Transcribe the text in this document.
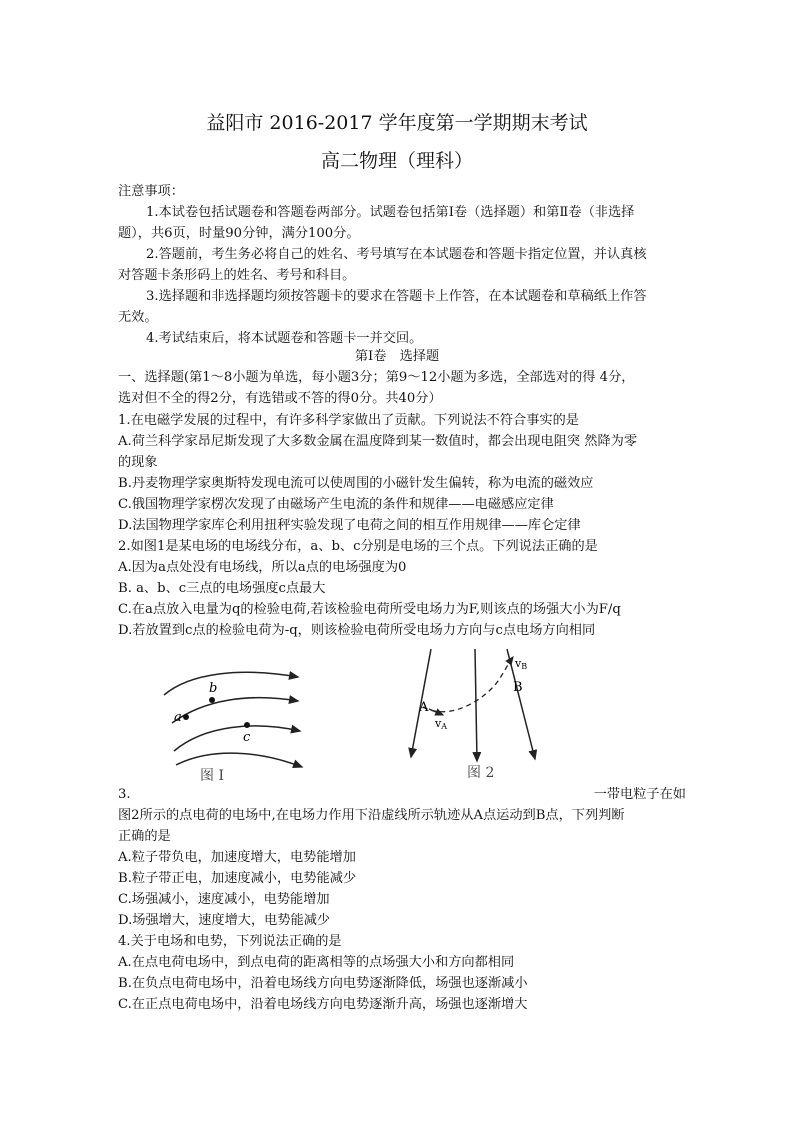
益阳市 2016-2017 学年度第一学期期末考试
高二物理（理科）
注意事项：
1.本试卷包括试题卷和答题卷两部分。试题卷包括第Ⅰ卷（选择题）和第Ⅱ卷（非选择
题），共6页，时量90分钟，满分100分。
2.答题前，考生务必将自己的姓名、考号填写在本试题卷和答题卡指定位置，并认真核
对答题卡条形码上的姓名、考号和科目。
3.选择题和非选择题均须按答题卡的要求在答题卡上作答，在本试题卷和草稿纸上作答
无效。
4.考试结束后，将本试题卷和答题卡一并交回。
第Ⅰ卷　选择题
一、选择题(第1～8小题为单选，每小题3分；第9～12小题为多选，全部选对的得 4分，
选对但不全的得2分，有选错或不答的得0分。共40分）
1.在电磁学发展的过程中，有许多科学家做出了贡献。下列说法不符合事实的是
A.荷兰科学家昂尼斯发现了大多数金属在温度降到某一数值时，都会出现电阻突 然降为零
的现象
B.丹麦物理学家奥斯特发现电流可以使周围的小磁针发生偏转，称为电流的磁效应
C.俄国物理学家楞次发现了由磁场产生电流的条件和规律——电磁感应定律
D.法国物理学家库仑利用扭秤实验发现了电荷之间的相互作用规律——库仑定律
2.如图1是某电场的电场线分布，a、b、c分别是电场的三个点。下列说法正确的是
A.因为a点处没有电场线，所以a点的电场强度为0
B. a、b、c三点的电场强度c点最大
C.在a点放入电量为q的检验电荷,若该检验电荷所受电场力为F,则该点的场强大小为F/q
D.若放置到c点的检验电荷为-q，则该检验电荷所受电场力方向与c点电场方向相同
b
a
c
图 I
A
vA
B
vB
图 2
3.	一带电粒子在如
图2所示的点电荷的电场中,在电场力作用下沿虚线所示轨迹从A点运动到B点，下列判断
正确的是
A.粒子带负电，加速度增大，电势能增加
B.粒子带正电，加速度减小，电势能减少
C.场强减小，速度减小，电势能增加
D.场强增大，速度增大，电势能减少
4.关于电场和电势，下列说法正确的是
A.在点电荷电场中，到点电荷的距离相等的点场强大小和方向都相同
B.在负点电荷电场中，沿着电场线方向电势逐渐降低，场强也逐渐减小
C.在正点电荷电场中，沿着电场线方向电势逐渐升高，场强也逐渐增大
